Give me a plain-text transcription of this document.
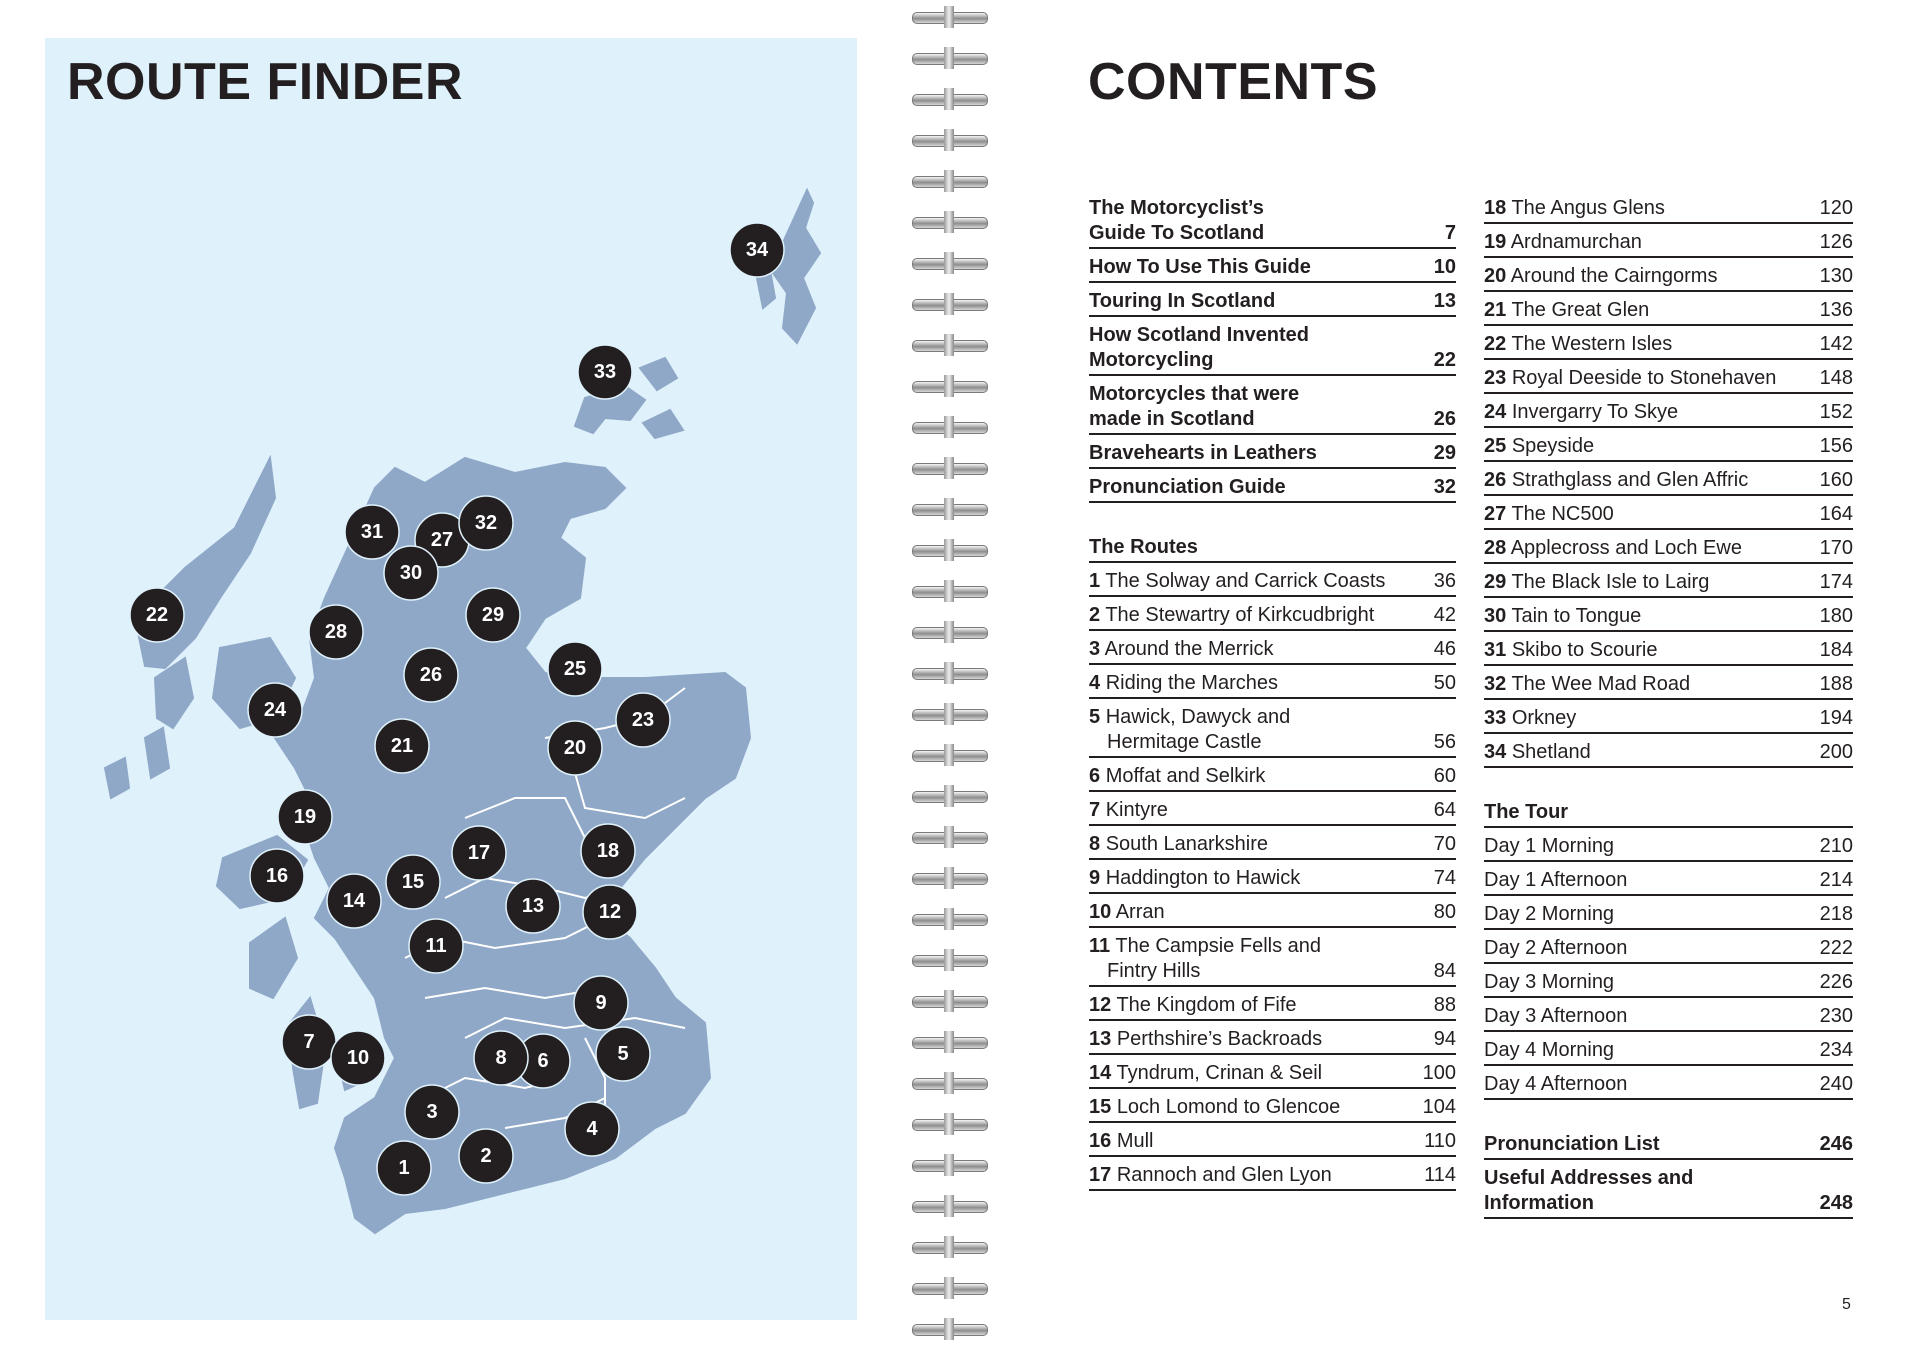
ROUTE FINDER
1
2
3
4
5
6
7
8
9
10
11
12
13
14
15
16
17	18
19
20
21
22
23
24
25
26
27
28
29
30
31	32
33
34
CONTENTS
The Motorcyclist’s
Guide To Scotland	7
How To Use This Guide	10
Touring In Scotland	13
How Scotland Invented
Motorcycling	22
Motorcycles that were
made in Scotland	26
Bravehearts in Leathers	29
Pronunciation Guide	32
The Routes
1 The Solway and Carrick Coasts	36
2 The Stewartry of Kirkcudbright	42
3 Around the Merrick	46
4 Riding the Marches	50
5 Hawick, Dawyck and
Hermitage Castle	56
6 Moffat and Selkirk	60
7 Kintyre	64
8 South Lanarkshire	70
9 Haddington to Hawick	74
10 Arran	80
11 The Campsie Fells and
Fintry Hills	84
12 The Kingdom of Fife	88
13 Perthshire’s Backroads	94
14 Tyndrum, Crinan & Seil	100
15 Loch Lomond to Glencoe	104
16 Mull	110
17 Rannoch and Glen Lyon	114
18 The Angus Glens	120
19 Ardnamurchan	126
20 Around the Cairngorms	130
21 The Great Glen	136
22 The Western Isles	142
23 Royal Deeside to Stonehaven	148
24 Invergarry To Skye	152
25 Speyside	156
26 Strathglass and Glen Affric	160
27 The NC500	164
28 Applecross and Loch Ewe	170
29 The Black Isle to Lairg	174
30 Tain to Tongue	180
31 Skibo to Scourie	184
32 The Wee Mad Road	188
33 Orkney	194
34 Shetland	200
The Tour
Day 1 Morning	210
Day 1 Afternoon	214
Day 2 Morning	218
Day 2 Afternoon	222
Day 3 Morning	226
Day 3 Afternoon	230
Day 4 Morning	234
Day 4 Afternoon	240
Pronunciation List	246
Useful Addresses and
Information	248
5
